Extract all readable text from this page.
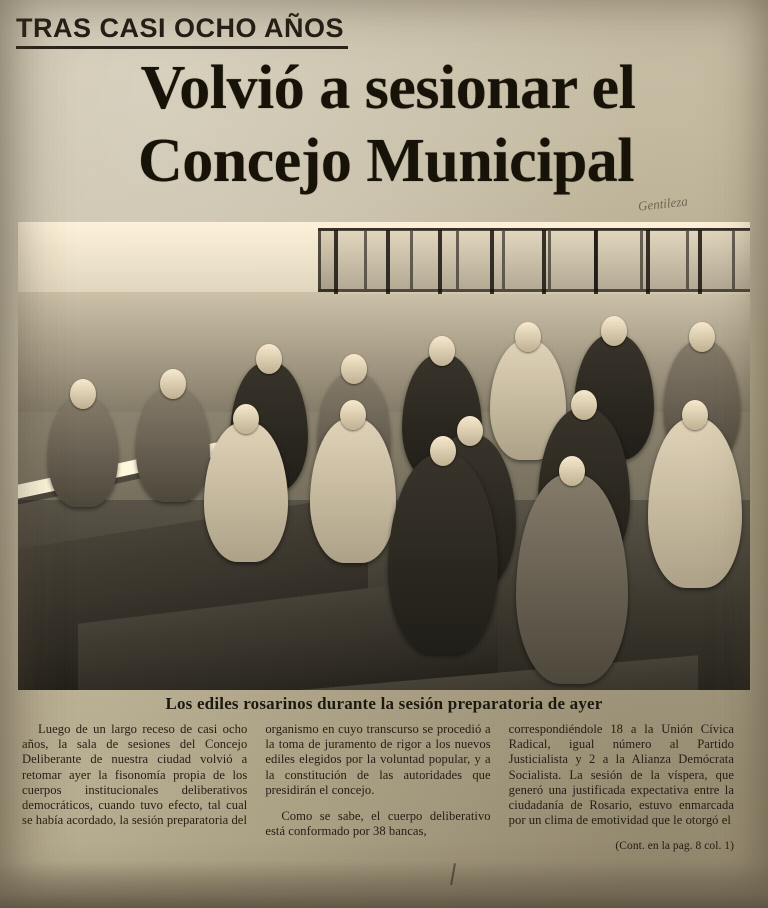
TRAS CASI OCHO AÑOS
Volvió a sesionar el
Concejo Municipal
Gentileza
Los ediles rosarinos durante la sesión preparatoria de ayer

Luego de un largo receso de casi ocho años, la sala de sesiones del Concejo Deliberante de nuestra ciudad volvió a retomar ayer la fisonomía propia de los cuerpos institucionales deliberativos democráticos, cuando tuvo efecto, tal cual se había acordado, la sesión preparatoria del

organismo en cuyo transcurso se procedió a la toma de juramento de rigor a los nuevos ediles elegidos por la voluntad popular, y a la constitución de las autoridades que presidirán el concejo.

Como se sabe, el cuerpo deliberativo está conformado por 38 bancas,

correspondiéndole 18 a la Unión Cívica Radical, igual número al Partido Justicialista y 2 a la Alianza Demócrata Socialista. La sesión de la víspera, que generó una justificada expectativa entre la ciudadanía de Rosario, estuvo enmarcada por un clima de emotividad que le otorgó el

(Cont. en la pag. 8 col. 1)
